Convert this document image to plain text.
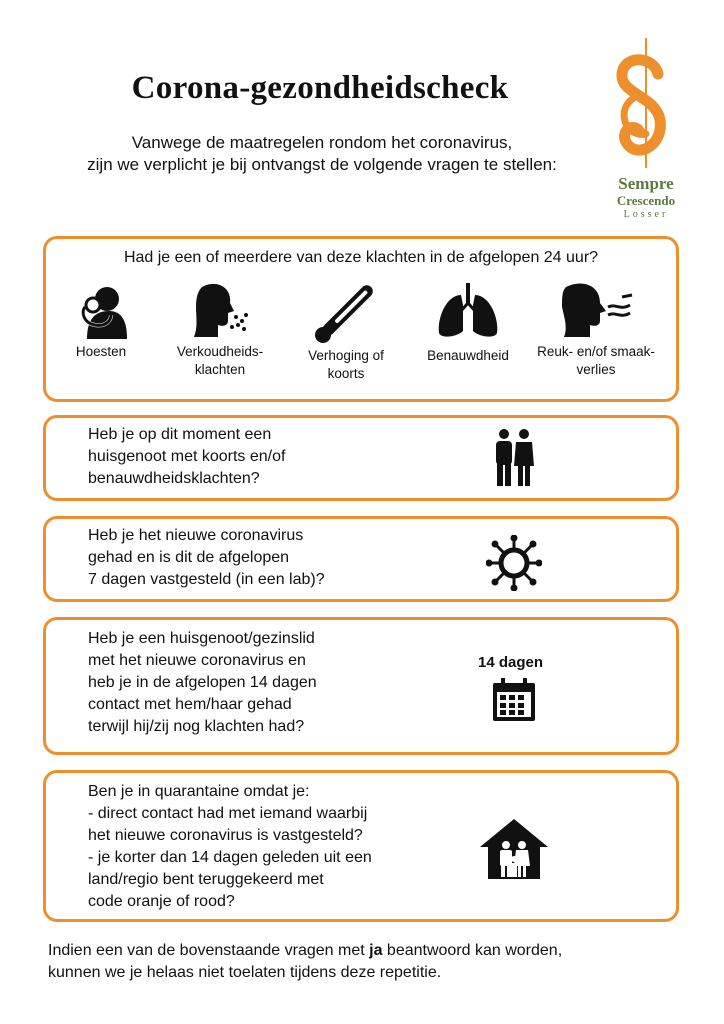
Corona-gezondheidscheck
Vanwege de maatregelen rondom het coronavirus,
zijn we verplicht je bij ontvangst de volgende vragen te stellen:
Sempre
Crescendo
Losser
Had je een of meerdere van deze klachten in de afgelopen 24 uur?
Hoesten	Verkoudheids-
klachten
Verhoging of
koorts
Benauwdheid	Reuk- en/of smaak-
verlies
Heb je op dit moment een
huisgenoot met koorts en/of
benauwdheidsklachten?
Heb je het nieuwe coronavirus
gehad en is dit de afgelopen
7 dagen vastgesteld (in een lab)?
Heb je een huisgenoot/gezinslid
met het nieuwe coronavirus en
heb je in de afgelopen 14 dagen
contact met hem/haar gehad
terwijl hij/zij nog klachten had?
14 dagen
Ben je in quarantaine omdat je:
- direct contact had met iemand waarbij
het nieuwe coronavirus is vastgesteld?
- je korter dan 14 dagen geleden uit een
land/regio bent teruggekeerd met
code oranje of rood?
Indien een van de bovenstaande vragen met ja beantwoord kan worden,
kunnen we je helaas niet toelaten tijdens deze repetitie.
